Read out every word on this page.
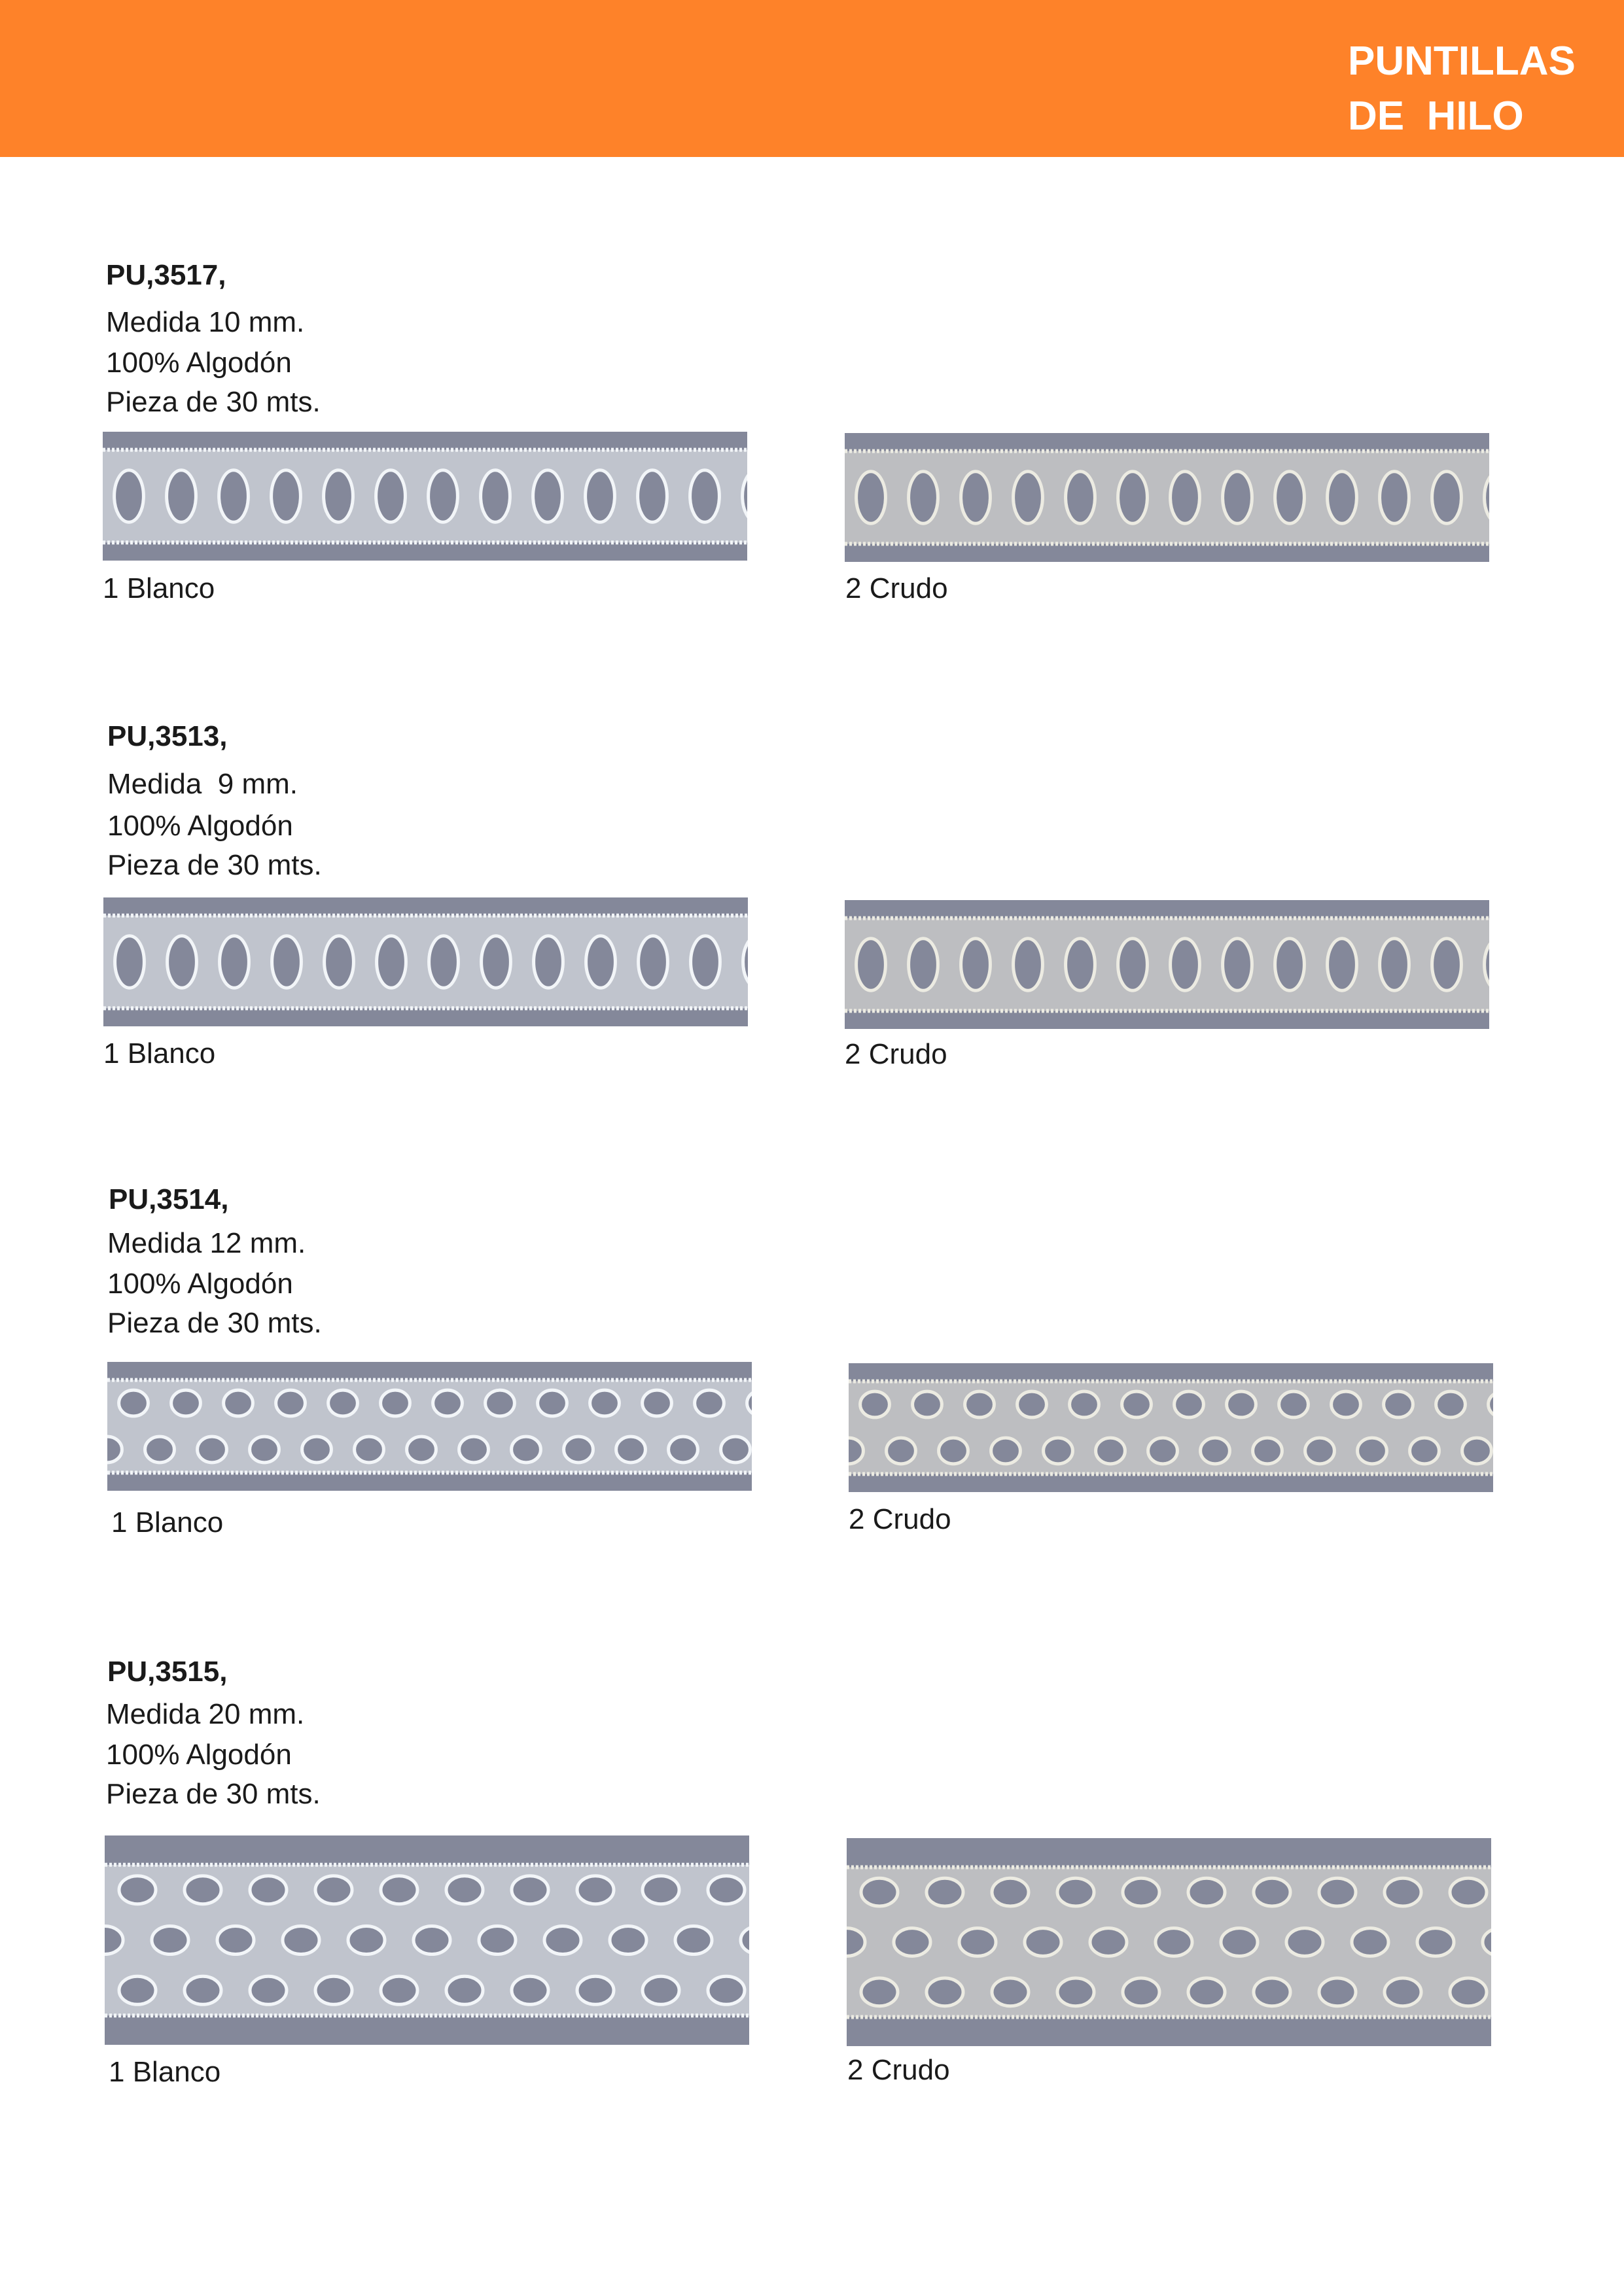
PUNTILLAS
DE  HILO
PU,3517,
Medida 10 mm.
100% Algodón
Pieza de 30 mts.
1 Blanco	2 Crudo
PU,3513,
Medida  9 mm.
100% Algodón
Pieza de 30 mts.
1 Blanco	2 Crudo
PU,3514,
Medida 12 mm.
100% Algodón
Pieza de 30 mts.
1 Blanco	2 Crudo
PU,3515,
Medida 20 mm.
100% Algodón
Pieza de 30 mts.
1 Blanco	2 Crudo
